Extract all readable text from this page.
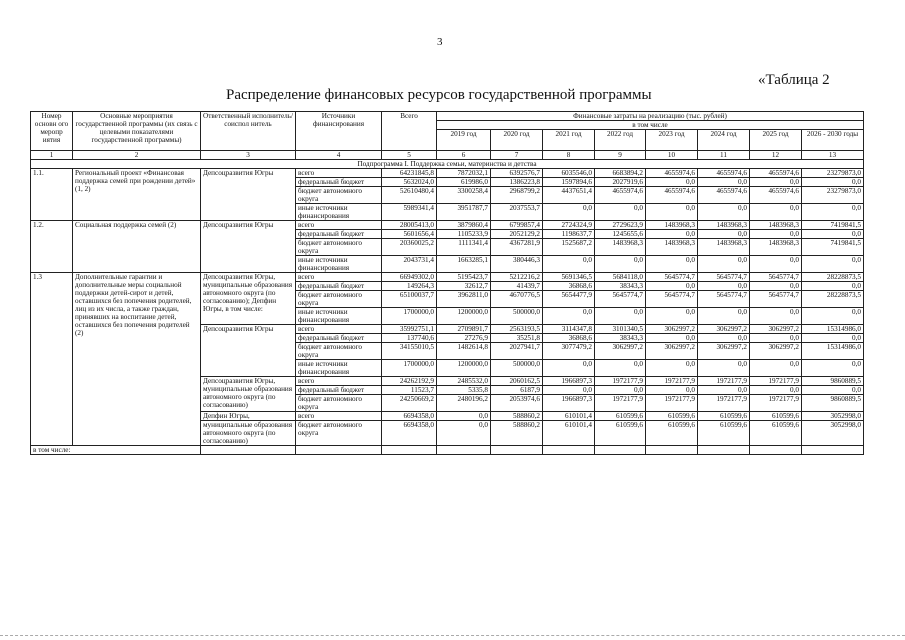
3
«Таблица 2
Распределение финансовых ресурсов государственной программы
Номер основн ого меропр иятия	Основные мероприятия государственной программы (их связь с целевыми показателями государственной программы)	Ответственный исполнитель/соиспол нитель	Источники финансирования	Всего	Финансовые затраты на реализацию (тыс. рублей)							
					в том числе							
					2019 год	2020 год	2021 год	2022 год	2023 год	2024 год	2025 год	2026 - 2030 годы
1	2	3	4	5	6	7	8	9	10	11	12	13
Подпрограмма I. Поддержка семьи, материнства и детства												
1.1.	Региональный проект «Финансовая поддержка семей при рождении детей» (1, 2)	Депсоцразвития Югры	всего	64231845,8	7872032,1	6392576,7	6035546,0	6683894,2	4655974,6	4655974,6	4655974,6	23279873,0
			федеральный бюджет	5632024,0	619986,0	1386223,8	1597894,6	2027919,6	0,0	0,0	0,0	0,0
			бюджет автономного округа	52610480,4	3300258,4	2968799,2	4437651,4	4655974,6	4655974,6	4655974,6	4655974,6	23279873,0
			иные источники финансирования	5989341,4	3951787,7	2037553,7	0,0	0,0	0,0	0,0	0,0	0,0
1.2.	Социальная поддержка семей (2)	Депсоцразвития Югры	всего	28005413,0	3879860,4	6799857,4	2724324,9	2729623,9	1483968,3	1483968,3	1483968,3	7419841,5
			федеральный бюджет	5601656,4	1105233,9	2052129,2	1198637,7	1245655,6	0,0	0,0	0,0	0,0
			бюджет автономного округа	20360025,2	1111341,4	4367281,9	1525687,2	1483968,3	1483968,3	1483968,3	1483968,3	7419841,5
			иные источники финансирования	2043731,4	1663285,1	380446,3	0,0	0,0	0,0	0,0	0,0	0,0
1.3	Дополнительные гарантии и дополнительные меры социальной поддержки детей-сирот и детей, оставшихся без попечения родителей, лиц из их числа, а также граждан, принявших на воспитание детей, оставшихся без попечения родителей (2)	Депсоцразвития Югры, муниципальные образования автономного округа (по согласованию); Депфин Югры, в том числе:	всего	66949302,0	5195423,7	5212216,2	5691346,5	5684118,0	5645774,7	5645774,7	5645774,7	28228873,5
			федеральный бюджет	149264,3	32612,7	41439,7	36868,6	38343,3	0,0	0,0	0,0	0,0
			бюджет автономного округа	65100037,7	3962811,0	4670776,5	5654477,9	5645774,7	5645774,7	5645774,7	5645774,7	28228873,5
			иные источники финансирования	1700000,0	1200000,0	500000,0	0,0	0,0	0,0	0,0	0,0	0,0
		Депсоцразвития Югры	всего	35992751,1	2709891,7	2563193,5	3114347,8	3101340,5	3062997,2	3062997,2	3062997,2	15314986,0
			федеральный бюджет	137740,6	27276,9	35251,8	36868,6	38343,3	0,0	0,0	0,0	0,0
			бюджет автономного округа	34155010,5	1482614,8	2027941,7	3077479,2	3062997,2	3062997,2	3062997,2	3062997,2	15314986,0
			иные источники финансирования	1700000,0	1200000,0	500000,0	0,0	0,0	0,0	0,0	0,0	0,0
		Депсоцразвития Югры, муниципальные образования автономного округа (по согласованию)	всего	24262192,9	2485532,0	2060162,5	1966897,3	1972177,9	1972177,9	1972177,9	1972177,9	9860889,5
			федеральный бюджет	11523,7	5335,8	6187,9	0,0	0,0	0,0	0,0	0,0	0,0
			бюджет автономного округа	24250669,2	2480196,2	2053974,6	1966897,3	1972177,9	1972177,9	1972177,9	1972177,9	9860889,5
		Депфин Югры,	всего	6694358,0	0,0	588860,2	610101,4	610599,6	610599,6	610599,6	610599,6	3052998,0
		муниципальные образования автономного округа (по согласованию)	бюджет автономного округа	6694358,0	0,0	588860,2	610101,4	610599,6	610599,6	610599,6	610599,6	3052998,0
в том числе:												
